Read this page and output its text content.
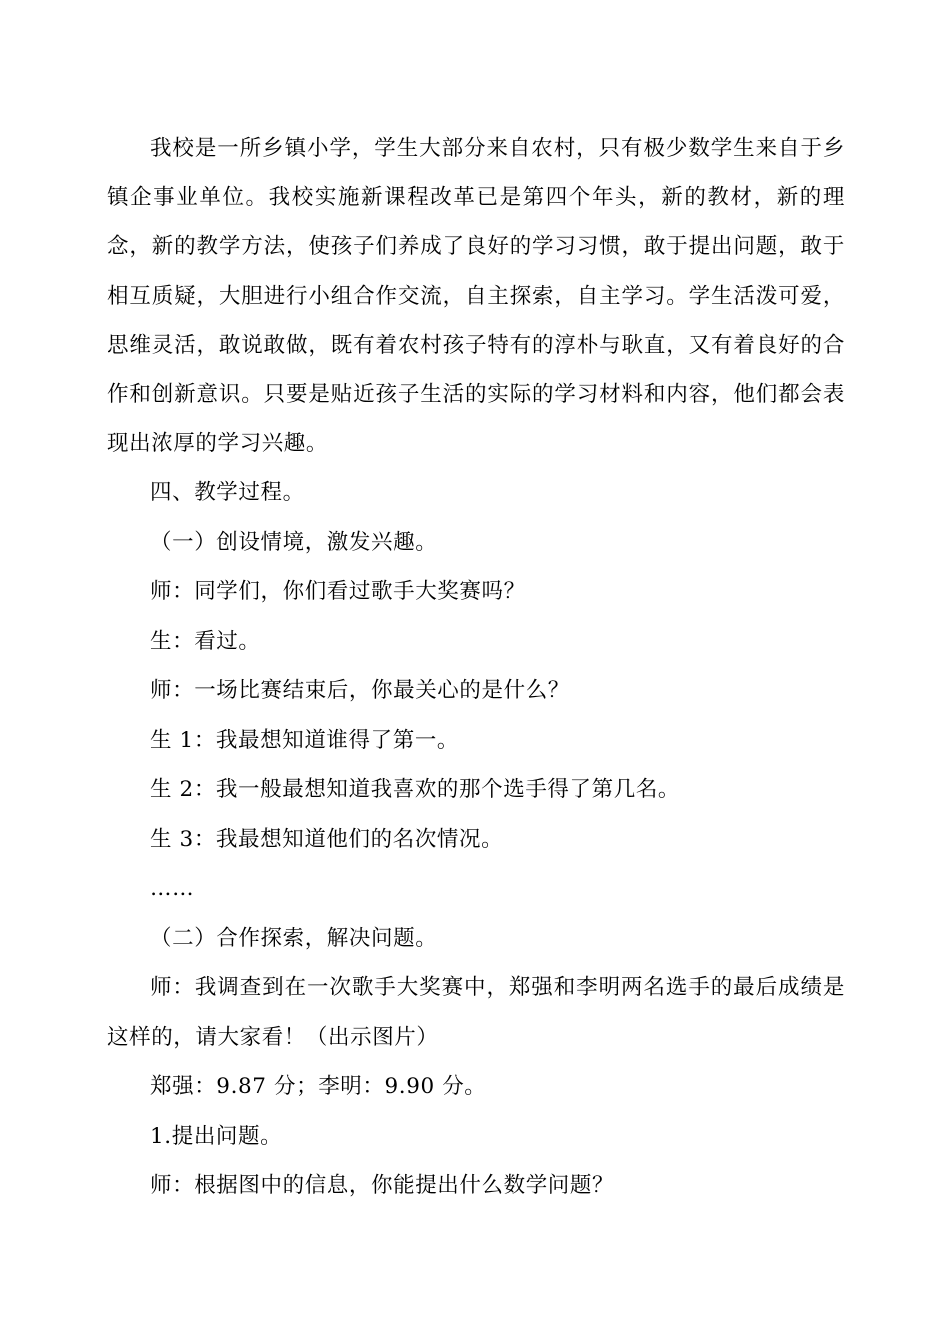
我校是一所乡镇小学，学生大部分来自农村，只有极少数学生来自于乡镇企事业单位。我校实施新课程改革已是第四个年头，新的教材，新的理念，新的教学方法，使孩子们养成了良好的学习习惯，敢于提出问题，敢于相互质疑，大胆进行小组合作交流，自主探索，自主学习。学生活泼可爱，思维灵活，敢说敢做，既有着农村孩子特有的淳朴与耿直，又有着良好的合作和创新意识。只要是贴近孩子生活的实际的学习材料和内容，他们都会表现出浓厚的学习兴趣。

四、教学过程。

（一）创设情境，激发兴趣。

师：同学们，你们看过歌手大奖赛吗？

生：看过。

师：一场比赛结束后，你最关心的是什么？

生 1：我最想知道谁得了第一。

生 2：我一般最想知道我喜欢的那个选手得了第几名。

生 3：我最想知道他们的名次情况。

……

（二）合作探索，解决问题。

师：我调查到在一次歌手大奖赛中，郑强和李明两名选手的最后成绩是这样的，请大家看！（出示图片）

郑强：9.87 分；李明：9.90 分。

1.提出问题。

师：根据图中的信息，你能提出什么数学问题？
